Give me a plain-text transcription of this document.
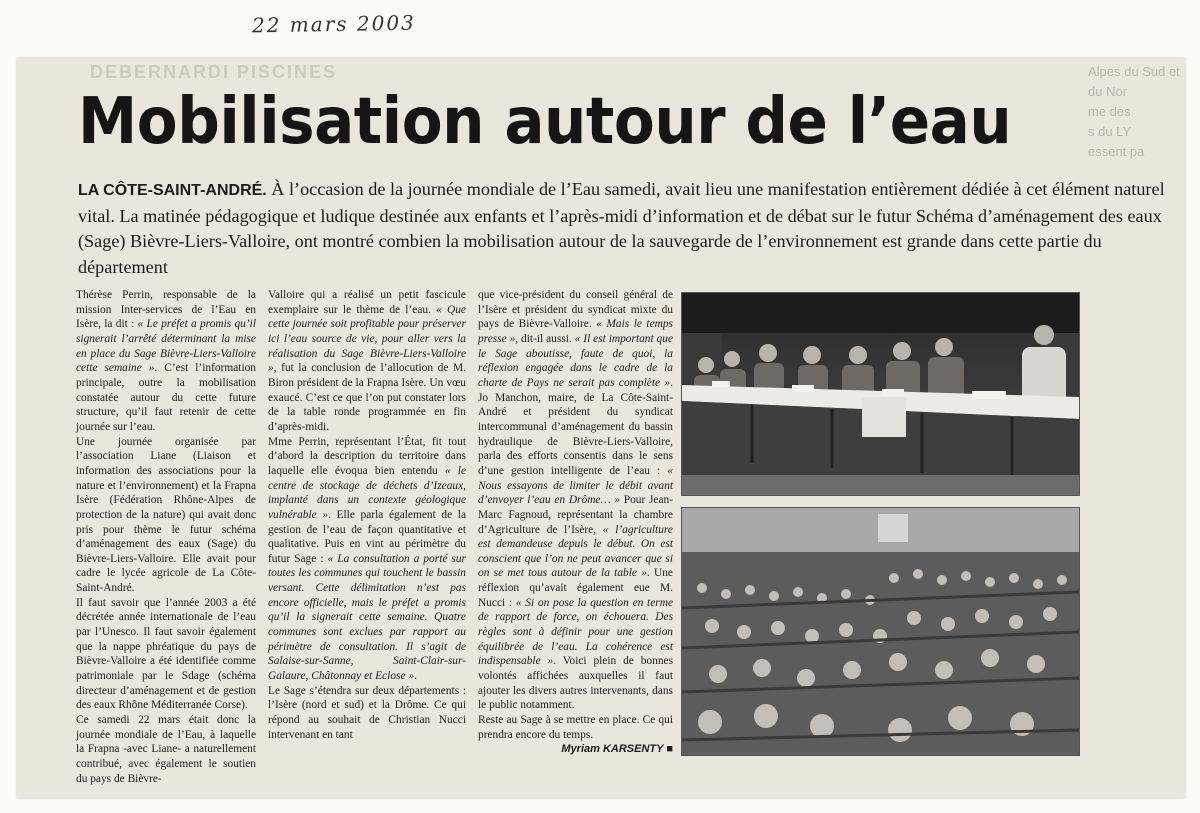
22 mars 2003
DEBERNARDI PISCINES	Alpes du Sud et du Nor
me des
s du LY
essent pa
Mobilisation autour de l’eau
LA CÔTE-SAINT-ANDRÉ. À l’occasion de la journée mondiale de l’Eau samedi, avait lieu une manifestation entièrement dédiée à cet élément naturel vital. La matinée pédagogique et ludique destinée aux enfants et l’après-midi d’information et de débat sur le futur Schéma d’aménagement des eaux (Sage) Bièvre-Liers-Valloire, ont montré combien la mobilisation autour de la sauvegarde de l’environnement est grande dans cette partie du département

Thérèse Perrin, responsable de la mission Inter-services de l’Eau en Isère, la dit : « Le préfet a promis qu’il signerait l’arrêté déterminant la mise en place du Sage Bièvre-Liers-Valloire cette semaine ». C’est l’information principale, outre la mobilisation constatée autour du cette future structure, qu’il faut retenir de cette journée sur l’eau.

Une journée organisée par l’association Liane (Liaison et information des associations pour la nature et l’environnement) et la Frapna Isère (Fédération Rhône-Alpes de protection de la nature) qui avait donc pris pour thème le futur schéma d’aménagement des eaux (Sage) du Bièvre-Liers-Valloire. Elle avait pour cadre le lycée agricole de La Côte-Saint-André.

Il faut savoir que l’année 2003 a été décrétée année internationale de l’eau par l’Unesco. Il faut savoir également que la nappe phréatique du pays de Bièvre-Valloire a été identifiée comme patrimoniale par le Sdage (schéma directeur d’aménagement et de gestion des eaux Rhône Méditerranée Corse).

Ce samedi 22 mars était donc la journée mondiale de l’Eau, à laquelle la Frapna -avec Liane- a naturellement contribué, avec également le soutien du pays de Bièvre-

Valloire qui a réalisé un petit fascicule exemplaire sur le thème de l’eau. « Que cette journée soit profitable pour préserver ici l’eau source de vie, pour aller vers la réalisation du Sage Bièvre-Liers-Valloire », fut la conclusion de l’allocution de M. Biron président de la Frapna Isère. Un vœu exaucé. C’est ce que l’on put constater lors de la table ronde programmée en fin d’après-midi.

Mme Perrin, représentant l’État, fit tout d’abord la description du territoire dans laquelle elle évoqua bien entendu « le centre de stockage de déchets d’Izeaux, implanté dans un contexte géologique vulnérable ». Elle parla également de la gestion de l’eau de façon quantitative et qualitative. Puis en vint au périmètre du futur Sage : « La consultation a porté sur toutes les communes qui touchent le bassin versant. Cette délimitation n’est pas encore officielle, mais le préfet a promis qu’il la signerait cette semaine. Quatre communes sont exclues par rapport au périmètre de consultation. Il s’agit de Salaise-sur-Sanne, Saint-Clair-sur-Galaure, Châtonnay et Eclose ».

Le Sage s’étendra sur deux départements : l’Isère (nord et sud) et la Drôme. Ce qui répond au souhait de Christian Nucci intervenant en tant

que vice-président du conseil général de l’Isère et président du syndicat mixte du pays de Bièvre-Valloire. « Mais le temps presse », dit-il aussi. « Il est important que le Sage aboutisse, faute de quoi, la réflexion engagée dans le cadre de la charte de Pays ne serait pas complète ». Jo Manchon, maire, de La Côte-Saint-André et président du syndicat intercommunal d’aménagement du bassin hydraulique de Bièvre-Liers-Valloire, parla des efforts consentis dans le sens d’une gestion intelligente de l’eau : « Nous essayons de limiter le débit avant d’envoyer l’eau en Drôme… » Pour Jean-Marc Fagnoud, représentant la chambre d’Agriculture de l’Isère, « l’agriculture est demandeuse depuis le début. On est conscient que l’on ne peut avancer que si on se met tous autour de la table ». Une réflexion qu’avait également eue M. Nucci : « Si on pose la question en terme de rapport de force, on échouera. Des règles sont à définir pour une gestion équilibrée de l’eau. La cohérence est indispensable ». Voici plein de bonnes volontés affichées auxquelles il faut ajouter les divers autres intervenants, dans le public notamment.

Reste au Sage à se mettre en place. Ce qui prendra encore du temps.

Myriam KARSENTY ■
